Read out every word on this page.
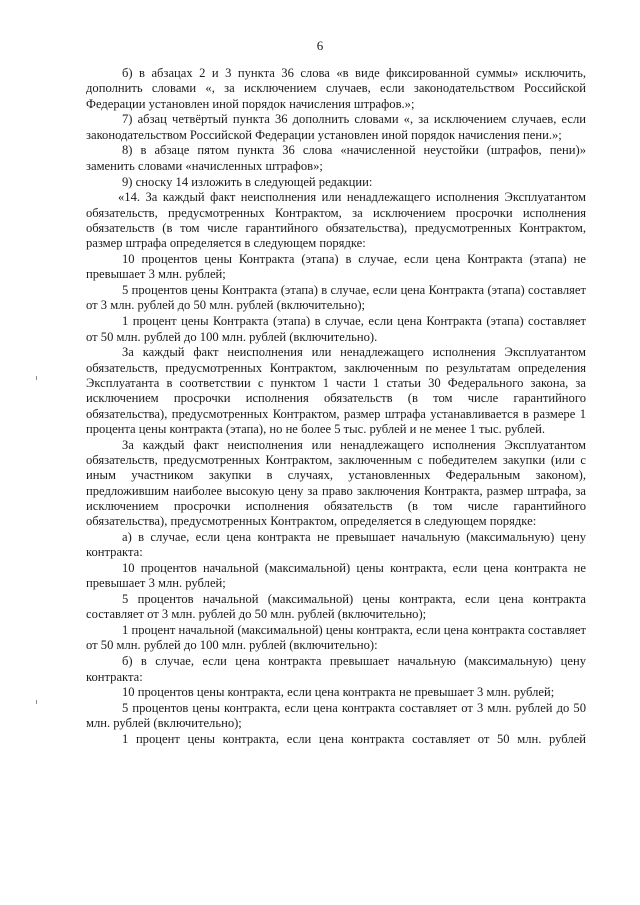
6

б) в абзацах 2 и 3 пункта 36 слова «в виде фиксированной суммы» исключить, дополнить словами «, за исключением случаев, если законодательством Российской Федерации установлен иной порядок начисления штрафов.»;

7) абзац четвёртый пункта 36 дополнить словами «, за исключением случаев, если законодательством Российской Федерации установлен иной порядок начисления пени.»;

8) в абзаце пятом пункта 36 слова «начисленной неустойки (штрафов, пени)» заменить словами «начисленных штрафов»;

9) сноску 14 изложить в следующей редакции:

«14. За каждый факт неисполнения или ненадлежащего исполнения Эксплуатантом обязательств, предусмотренных Контрактом, за исключением просрочки исполнения обязательств (в том числе гарантийного обязательства), предусмотренных Контрактом, размер штрафа определяется в следующем порядке:

10 процентов цены Контракта (этапа) в случае, если цена Контракта (этапа) не превышает 3 млн. рублей;

5 процентов цены Контракта (этапа) в случае, если цена Контракта (этапа) составляет от 3 млн. рублей до 50 млн. рублей (включительно);

1 процент цены Контракта (этапа) в случае, если цена Контракта (этапа) составляет от 50 млн. рублей до 100 млн. рублей (включительно).

За каждый факт неисполнения или ненадлежащего исполнения Эксплуатантом обязательств, предусмотренных Контрактом, заключенным по результатам определения Эксплуатанта в соответствии с пунктом 1 части 1 статьи 30 Федерального закона, за исключением просрочки исполнения обязательств (в том числе гарантийного обязательства), предусмотренных Контрактом, размер штрафа устанавливается в размере 1 процента цены контракта (этапа), но не более 5 тыс. рублей и не менее 1 тыс. рублей.

За каждый факт неисполнения или ненадлежащего исполнения Эксплуатантом обязательств, предусмотренных Контрактом, заключенным с победителем закупки (или с иным участником закупки в случаях, установленных Федеральным законом), предложившим наиболее высокую цену за право заключения Контракта, размер штрафа, за исключением просрочки исполнения обязательств (в том числе гарантийного обязательства), предусмотренных Контрактом, определяется в следующем порядке:

а) в случае, если цена контракта не превышает начальную (максимальную) цену контракта:

10 процентов начальной (максимальной) цены контракта, если цена контракта не превышает 3 млн. рублей;

5 процентов начальной (максимальной) цены контракта, если цена контракта составляет от 3 млн. рублей до 50 млн. рублей (включительно);

1 процент начальной (максимальной) цены контракта, если цена контракта составляет от 50 млн. рублей до 100 млн. рублей (включительно):

б) в случае, если цена контракта превышает начальную (максимальную) цену контракта:

10 процентов цены контракта, если цена контракта не превышает 3 млн. рублей;

5 процентов цены контракта, если цена контракта составляет от 3 млн. рублей до 50 млн. рублей (включительно);

1 процент цены контракта, если цена контракта составляет от 50 млн. рублей
